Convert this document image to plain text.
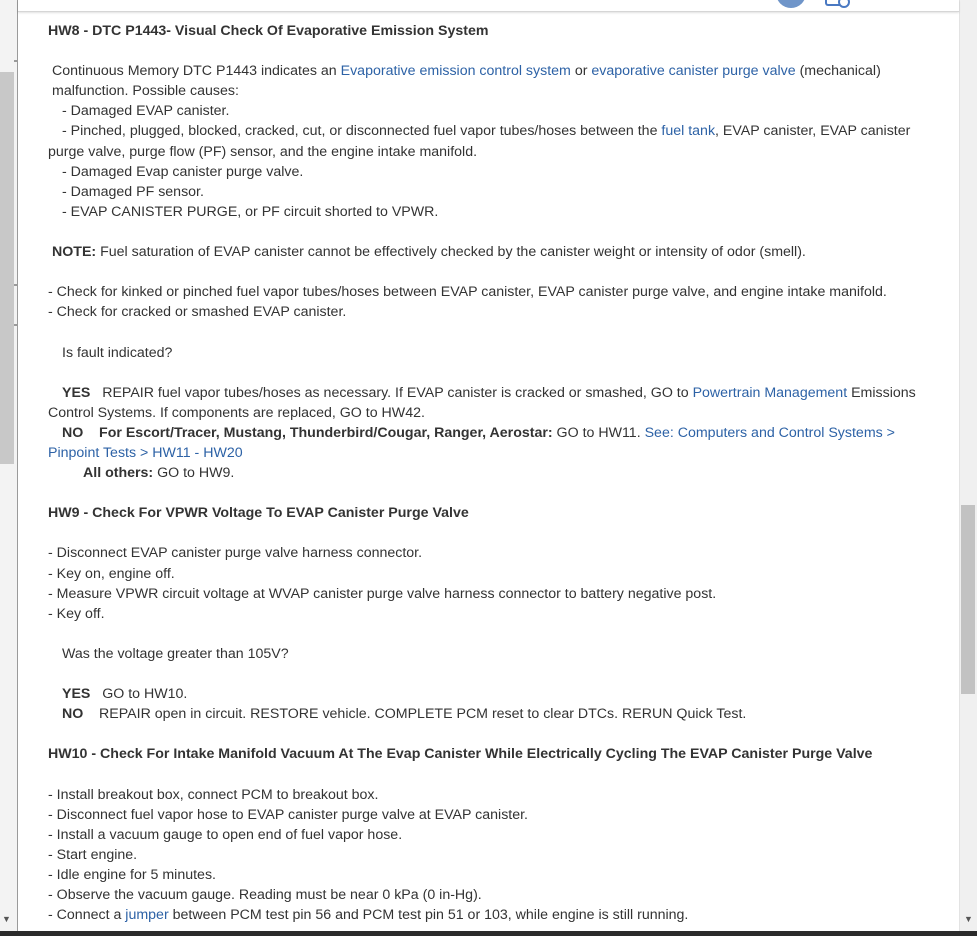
▼	▼

HW8 - DTC P1443- Visual Check Of Evaporative Emission System

Continuous Memory DTC P1443 indicates an Evaporative emission control system or evaporative canister purge valve (mechanical) malfunction. Possible causes:

- Damaged EVAP canister.

- Pinched, plugged, blocked, cracked, cut, or disconnected fuel vapor tubes/hoses between the fuel tank, EVAP canister, EVAP canister purge valve, purge flow (PF) sensor, and the engine intake manifold.

- Damaged Evap canister purge valve.

- Damaged PF sensor.

- EVAP CANISTER PURGE, or PF circuit shorted to VPWR.

NOTE: Fuel saturation of EVAP canister cannot be effectively checked by the canister weight or intensity of odor (smell).

- Check for kinked or pinched fuel vapor tubes/hoses between EVAP canister, EVAP canister purge valve, and engine intake manifold.

- Check for cracked or smashed EVAP canister.

Is fault indicated?

YES   REPAIR fuel vapor tubes/hoses as necessary. If EVAP canister is cracked or smashed, GO to Powertrain Management Emissions Control Systems. If components are replaced, GO to HW42.

NO    For Escort/Tracer, Mustang, Thunderbird/Cougar, Ranger, Aerostar: GO to HW11. See: Computers and Control Systems > Pinpoint Tests > HW11 - HW20

All others: GO to HW9.

HW9 - Check For VPWR Voltage To EVAP Canister Purge Valve

- Disconnect EVAP canister purge valve harness connector.

- Key on, engine off.

- Measure VPWR circuit voltage at WVAP canister purge valve harness connector to battery negative post.

- Key off.

Was the voltage greater than 105V?

YES   GO to HW10.

NO    REPAIR open in circuit. RESTORE vehicle. COMPLETE PCM reset to clear DTCs. RERUN Quick Test.

HW10 - Check For Intake Manifold Vacuum At The Evap Canister While Electrically Cycling The EVAP Canister Purge Valve

- Install breakout box, connect PCM to breakout box.

- Disconnect fuel vapor hose to EVAP canister purge valve at EVAP canister.

- Install a vacuum gauge to open end of fuel vapor hose.

- Start engine.

- Idle engine for 5 minutes.

- Observe the vacuum gauge. Reading must be near 0 kPa (0 in-Hg).

- Connect a jumper between PCM test pin 56 and PCM test pin 51 or 103, while engine is still running.
